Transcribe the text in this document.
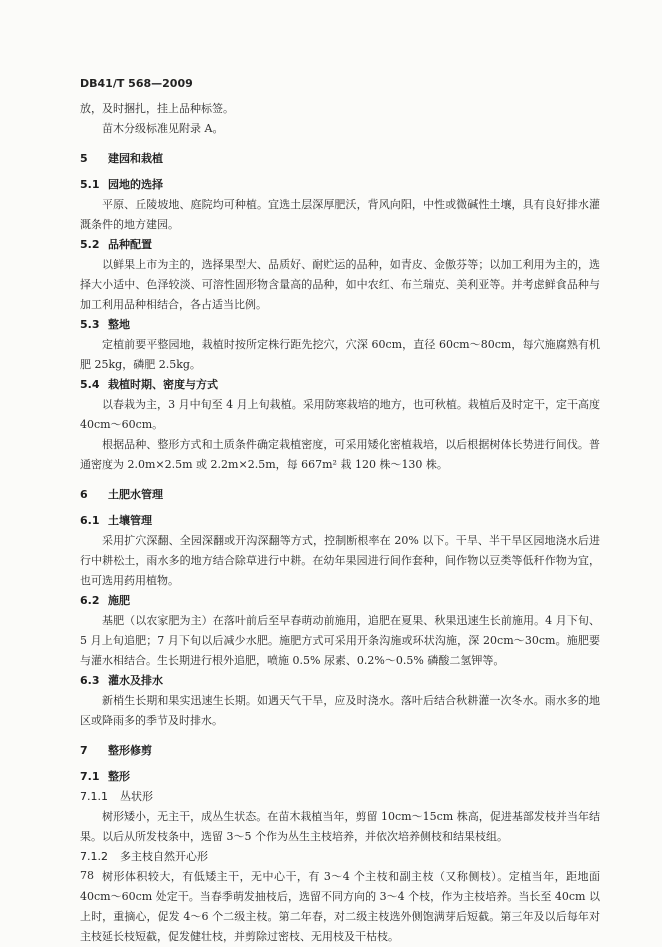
DB41/T 568—2009

放，及时捆扎，挂上品种标签。

苗木分级标准见附录 A。

5 建园和栽植
5.1 园地的选择

平原、丘陵坡地、庭院均可种植。宜选土层深厚肥沃，背风向阳，中性或微碱性土壤，具有良好排水灌溉条件的地方建园。

5.2 品种配置

以鲜果上市为主的，选择果型大、品质好、耐贮运的品种，如青皮、金傲芬等；以加工利用为主的，选择大小适中、色泽较淡、可溶性固形物含量高的品种，如中农红、布兰瑞克、美利亚等。并考虑鲜食品种与加工利用品种相结合，各占适当比例。

5.3 整地

定植前要平整园地，栽植时按所定株行距先挖穴，穴深 60cm，直径 60cm～80cm，每穴施腐熟有机肥 25kg，磷肥 2.5kg。

5.4 栽植时期、密度与方式

以春栽为主，3 月中旬至 4 月上旬栽植。采用防寒栽培的地方，也可秋植。栽植后及时定干，定干高度 40cm～60cm。

根据品种、整形方式和土质条件确定栽植密度，可采用矮化密植栽培，以后根据树体长势进行间伐。普通密度为 2.0m×2.5m 或 2.2m×2.5m，每 667m² 栽 120 株～130 株。

6 土肥水管理
6.1 土壤管理

采用扩穴深翻、全园深翻或开沟深翻等方式，控制断根率在 20% 以下。干旱、半干旱区园地浇水后进行中耕松土，雨水多的地方结合除草进行中耕。在幼年果园进行间作套种，间作物以豆类等低秆作物为宜，也可选用药用植物。

6.2 施肥

基肥（以农家肥为主）在落叶前后至早春萌动前施用，追肥在夏果、秋果迅速生长前施用。4 月下旬、5 月上旬追肥；7 月下旬以后减少水肥。施肥方式可采用开条沟施或环状沟施，深 20cm～30cm。施肥要与灌水相结合。生长期进行根外追肥，喷施 0.5% 尿素、0.2%～0.5% 磷酸二氢钾等。

6.3 灌水及排水

新梢生长期和果实迅速生长期。如遇天气干旱，应及时浇水。落叶后结合秋耕灌一次冬水。雨水多的地区或降雨多的季节及时排水。

7 整形修剪
7.1 整形
7.1.1 丛状形

树形矮小，无主干，成丛生状态。在苗木栽植当年，剪留 10cm～15cm 株高，促进基部发枝并当年结果。以后从所发枝条中，选留 3～5 个作为丛生主枝培养，并依次培养侧枝和结果枝组。

7.1.2 多主枝自然开心形

树形体积较大，有低矮主干，无中心干，有 3～4 个主枝和副主枝（又称侧枝）。定植当年，距地面 40cm～60cm 处定干。当春季萌发抽枝后，选留不同方向的 3～4 个枝，作为主枝培养。当长至 40cm 以上时，重摘心，促发 4～6 个二级主枝。第二年春，对二级主枝选外侧饱满芽后短截。第三年及以后每年对主枝延长枝短截，促发健壮枝，并剪除过密枝、无用枝及干枯枝。

78
